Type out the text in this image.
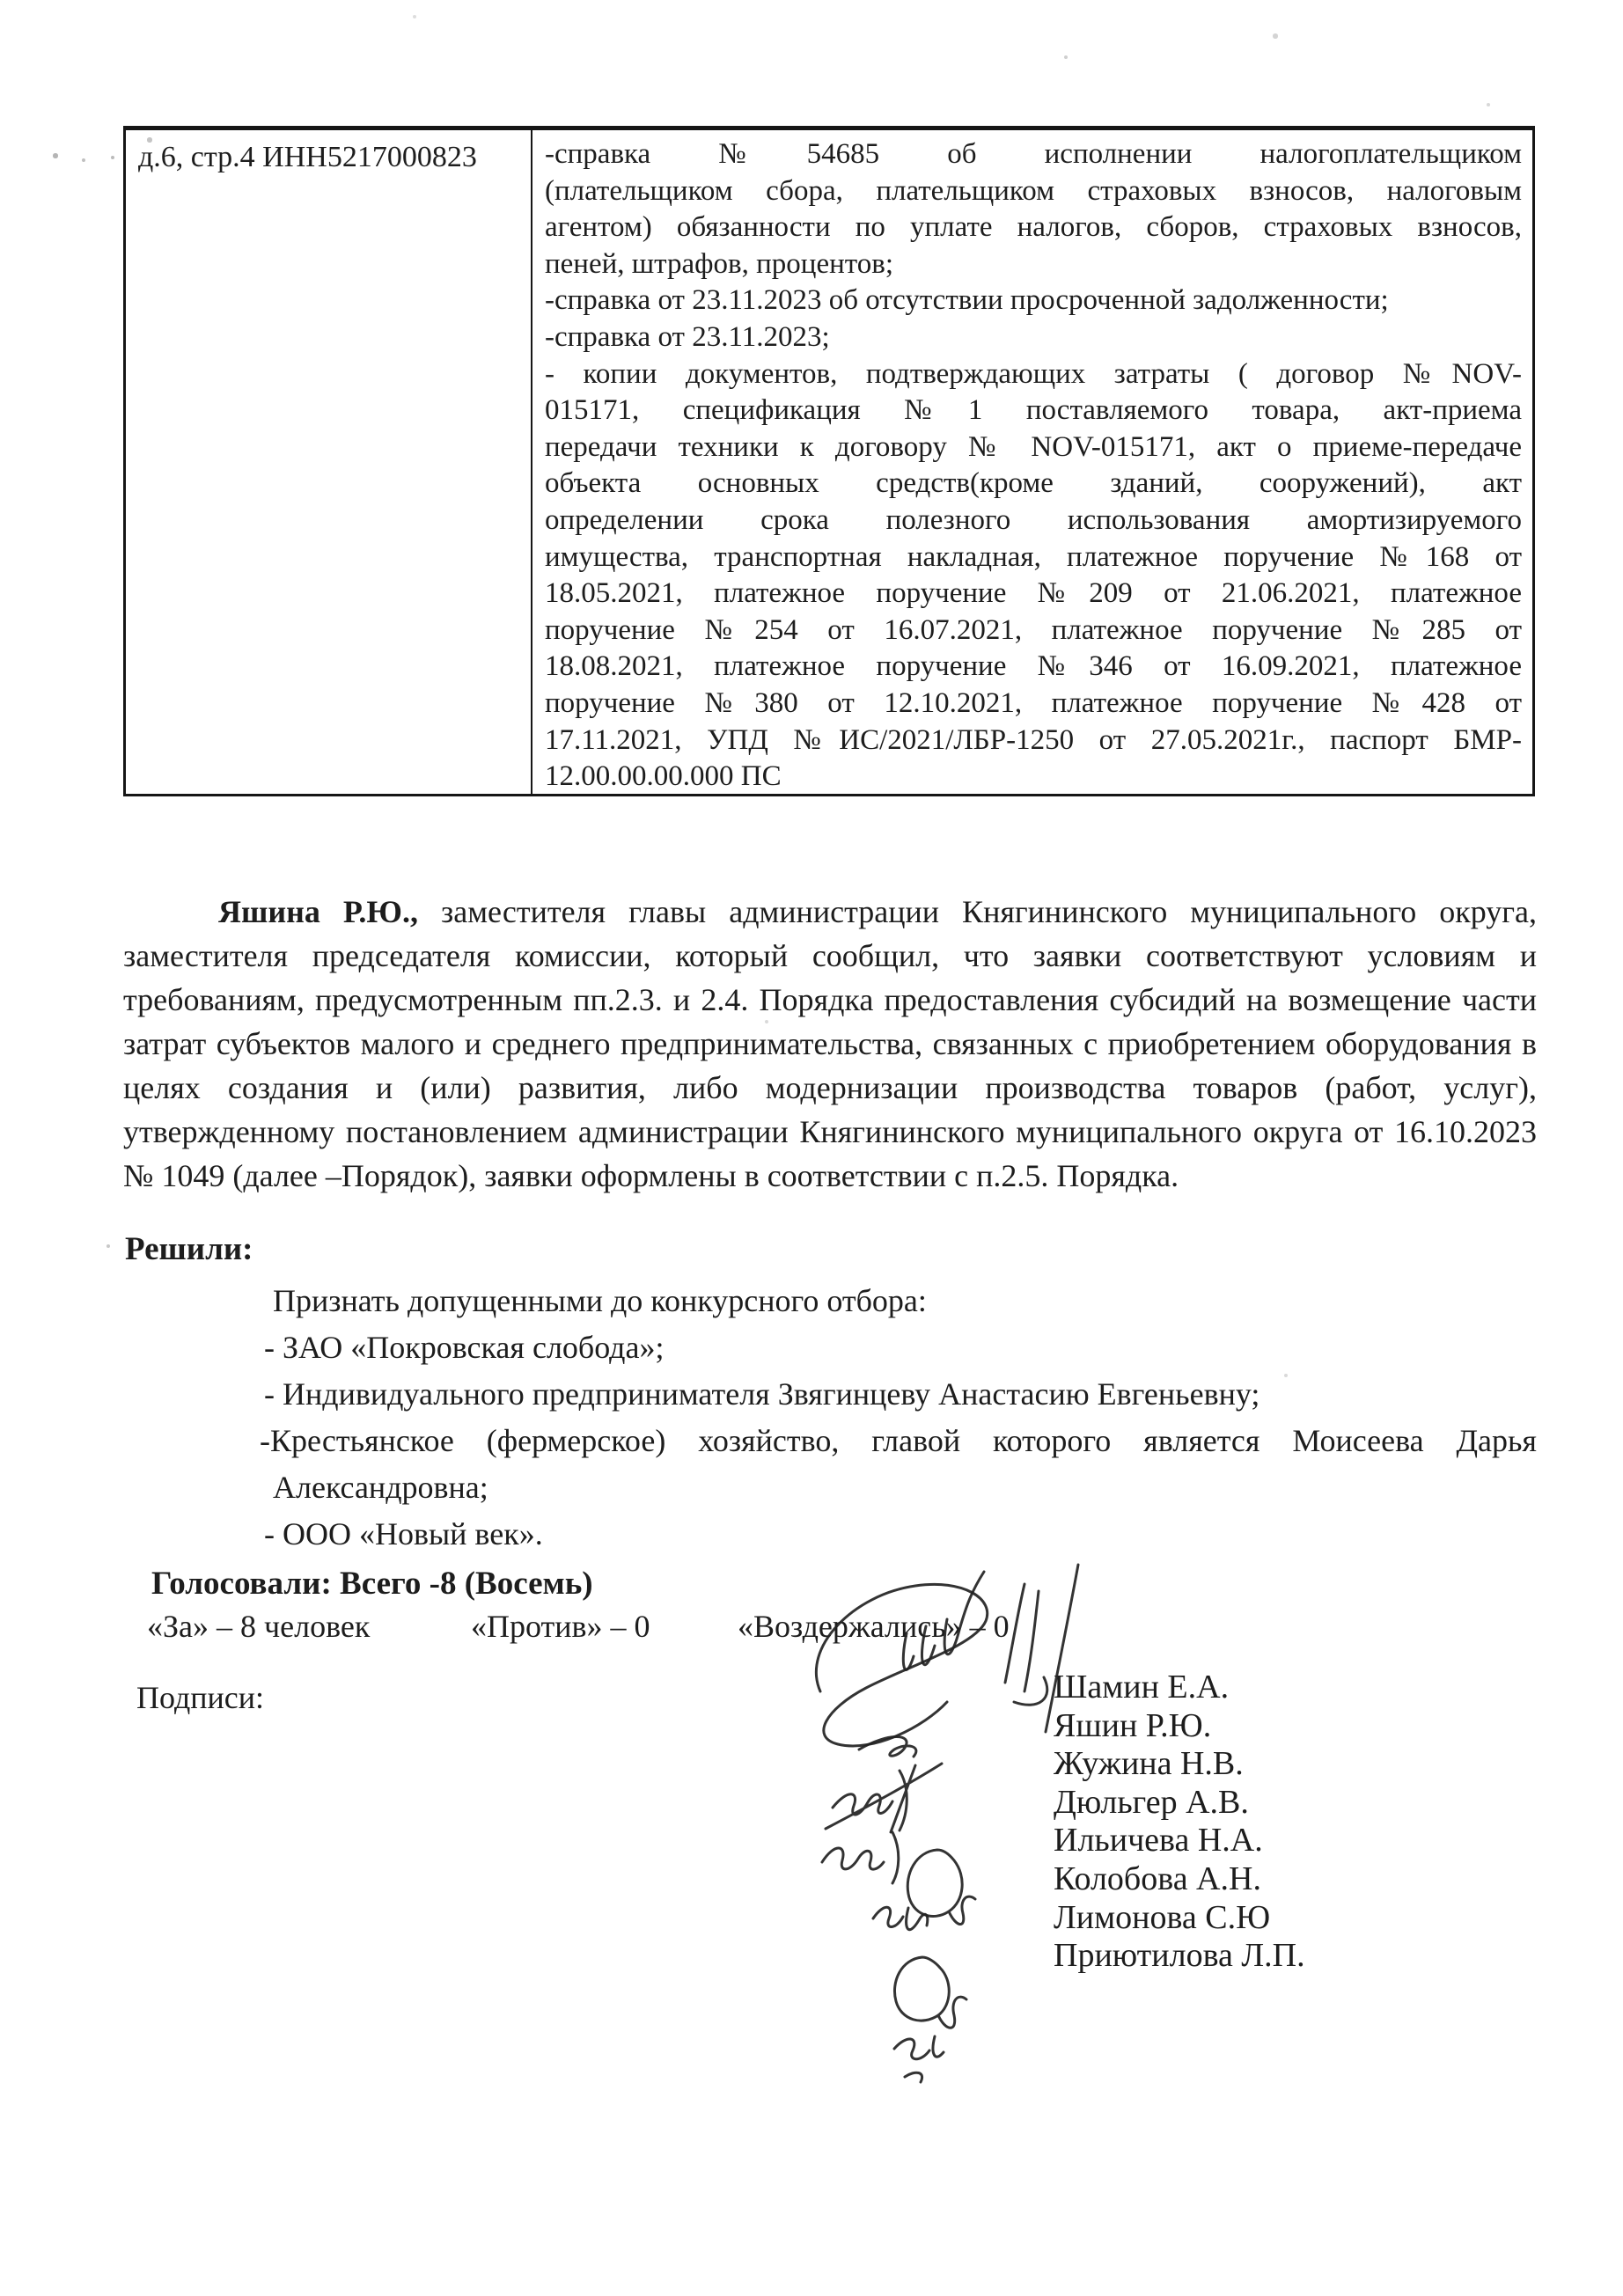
д.6, стр.4 ИНН5217000823	-справка №54685 об исполнении налогоплательщиком
(плательщиком сбора, плательщиком страховых взносов, налоговым
агентом) обязанности по уплате налогов, сборов, страховых взносов,
пеней, штрафов, процентов;
-справка от 23.11.2023 об отсутствии просроченной задолженности;
-справка от 23.11.2023;
- копии документов, подтверждающих затраты ( договор №NOV-
015171, спецификация №1 поставляемого товара, акт-приема
передачи техники к договору № NOV-015171, акт о приеме-передаче
объекта основных средств(кроме зданий, сооружений), акт
определении срока полезного использования амортизируемого
имущества, транспортная накладная, платежное поручение №168 от
18.05.2021, платежное поручение №209 от 21.06.2021, платежное
поручение №254 от 16.07.2021, платежное поручение №285 от
18.08.2021, платежное поручение №346 от 16.09.2021, платежное
поручение №380 от 12.10.2021, платежное поручение №428 от
17.11.2021, УПД №ИС/2021/ЛБР-1250 от 27.05.2021г., паспорт БМР-
12.00.00.00.000 ПС

Яшина Р.Ю., заместителя главы администрации Княгининского муниципального округа, заместителя председателя комиссии, который сообщил, что заявки соответствуют условиям и требованиям, предусмотренным пп.2.3. и 2.4. Порядка предоставления субсидий на возмещение части затрат субъектов малого и среднего предпринимательства, связанных с приобретением оборудования в целях создания и (или) развития, либо модернизации производства товаров (работ, услуг), утвержденному постановлением администрации Княгининского муниципального округа от 16.10.2023 № 1049 (далее –Порядок), заявки оформлены в соответствии с п.2.5. Порядка.

Решили:
Признать допущенными до конкурсного отбора:
- ЗАО «Покровская слобода»;
- Индивидуального предпринимателя Звягинцеву Анастасию Евгеньевну;
-Крестьянское (фермерское) хозяйство, главой которого является Моисеева Дарья
Александровна;
- ООО «Новый век».
Голосовали: Всего -8 (Восемь)
«За» – 8 человек	«Против» – 0	«Воздержались» – 0
Подписи:	Шамин Е.А.
Яшин Р.Ю.
Жужина Н.В.
Дюльгер А.В.
Ильичева Н.А.
Колобова А.Н.
Лимонова С.Ю
Приютилова Л.П.
